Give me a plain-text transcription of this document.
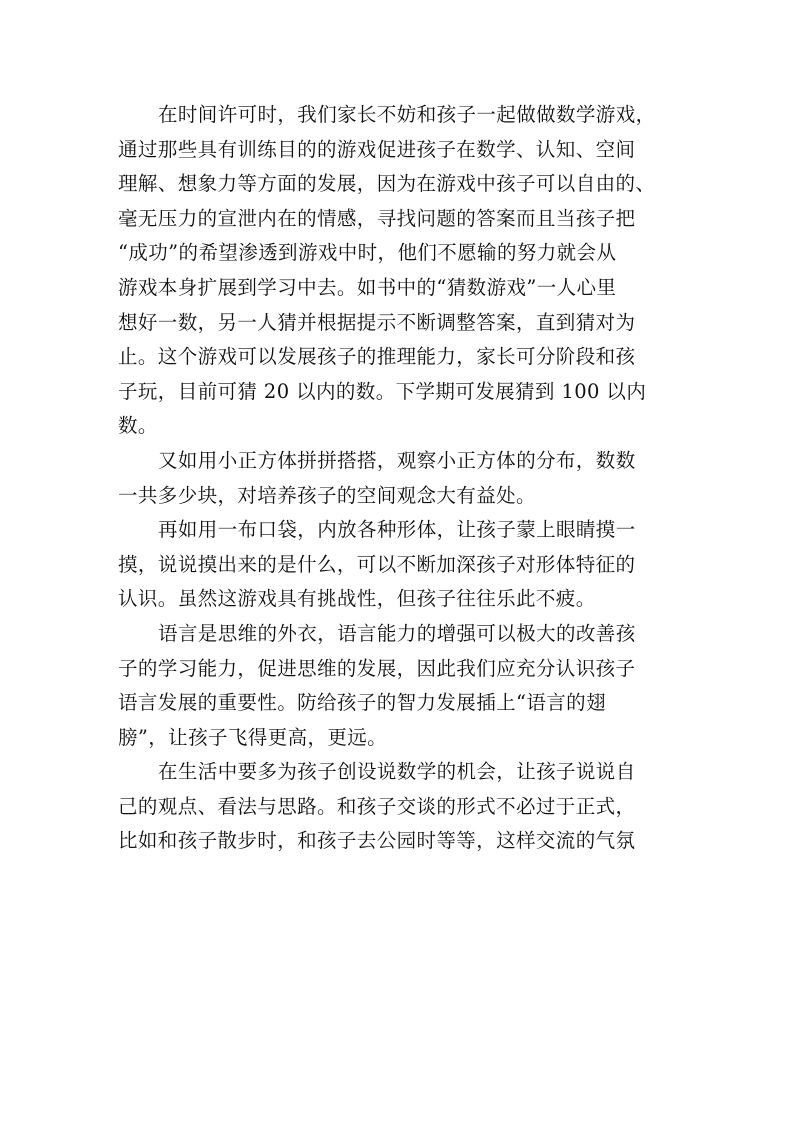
在时间许可时，我们家长不妨和孩子一起做做数学游戏，
通过那些具有训练目的的游戏促进孩子在数学、认知、空间
理解、想象力等方面的发展，因为在游戏中孩子可以自由的、
毫无压力的宣泄内在的情感，寻找问题的答案而且当孩子把
“成功”的希望渗透到游戏中时，他们不愿输的努力就会从
游戏本身扩展到学习中去。如书中的“猜数游戏”一人心里
想好一数，另一人猜并根据提示不断调整答案，直到猜对为
止。这个游戏可以发展孩子的推理能力，家长可分阶段和孩
子玩，目前可猜 20 以内的数。下学期可发展猜到 100 以内
数。
又如用小正方体拼拼搭搭，观察小正方体的分布，数数
一共多少块，对培养孩子的空间观念大有益处。
再如用一布口袋，内放各种形体，让孩子蒙上眼睛摸一
摸，说说摸出来的是什么，可以不断加深孩子对形体特征的
认识。虽然这游戏具有挑战性，但孩子往往乐此不疲。
语言是思维的外衣，语言能力的增强可以极大的改善孩
子的学习能力，促进思维的发展，因此我们应充分认识孩子
语言发展的重要性。防给孩子的智力发展插上“语言的翅
膀”，让孩子飞得更高，更远。
在生活中要多为孩子创设说数学的机会，让孩子说说自
己的观点、看法与思路。和孩子交谈的形式不必过于正式，
比如和孩子散步时，和孩子去公园时等等，这样交流的气氛
